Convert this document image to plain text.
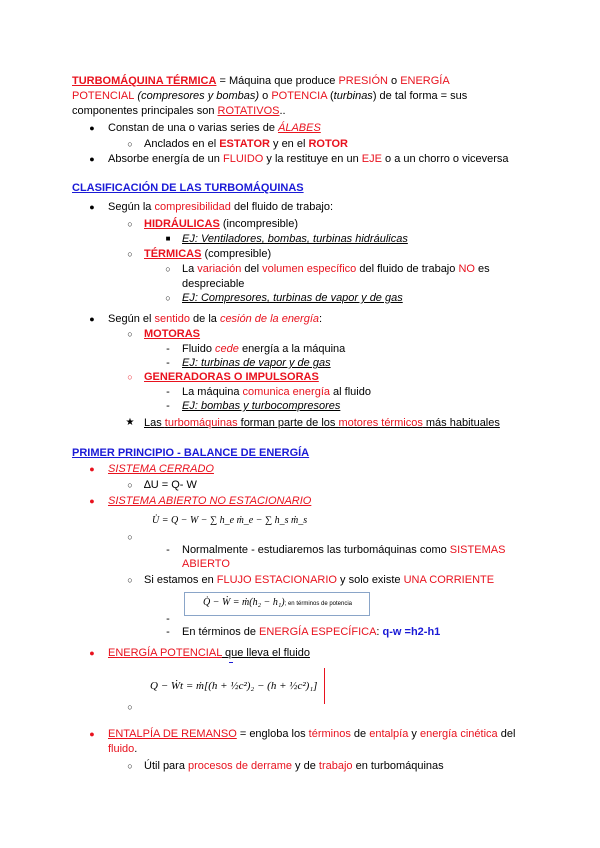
TURBOMÁQUINA TÉRMICA = Máquina que produce PRESIÓN o ENERGÍA
POTENCIAL (compresores y bombas) o POTENCIA (turbinas) de tal forma = sus
componentes principales son ROTATIVOS..
● Constan de una o varias series de ÁLABES
○ Anclados en el ESTATOR y en el ROTOR
● Absorbe energía de un FLUIDO y la restituye en un EJE o a un chorro o viceversa
CLASIFICACIÓN DE LAS TURBOMÁQUINAS
● Según la compresibilidad del fluido de trabajo:
○ HIDRÁULICAS (incompresible)
■	EJ: Ventiladores, bombas, turbinas hidráulicas
○ TÉRMICAS (compresible)
○ La variación del volumen específico del fluido de trabajo NO es
despreciable
○ EJ: Compresores, turbinas de vapor y de gas
● Según el sentido de la cesión de la energía:
○ MOTORAS
-	Fluido cede energía a la máquina
-	EJ: turbinas de vapor y de gas
○ GENERADORAS O IMPULSORAS
-	La máquina comunica energía al fluido
-	EJ: bombas y turbocompresores
★ Las turbomáquinas forman parte de los motores térmicos más habituales
PRIMER PRINCIPIO - BALANCE DE ENERGÍA
● SISTEMA CERRADO
○ ∆U = Q- W
● SISTEMA ABIERTO NO ESTACIONARIO
U̇ = Q − W − ∑ h_e ṁ_e − ∑ h_s ṁ_s
○
-	Normalmente - estudiaremos las turbomáquinas como SISTEMAS
ABIERTO
○ Si estamos en FLUJO ESTACIONARIO y solo existe UNA CORRIENTE
Q̇ − Ẇ = ṁ(h₂ − h₁); en términos de potencia
-
-	En términos de ENERGÍA ESPECÍFICA: q-w =h2-h1
● ENERGÍA POTENCIAL que lleva el fluido
Q − Ẇt = ṁ[(h + ½c²)₂ − (h + ½c²)₁]
○
● ENTALPÍA DE REMANSO = engloba los términos de entalpía y energía cinética del
fluido.
○ Útil para procesos de derrame y de trabajo en turbomáquinas
